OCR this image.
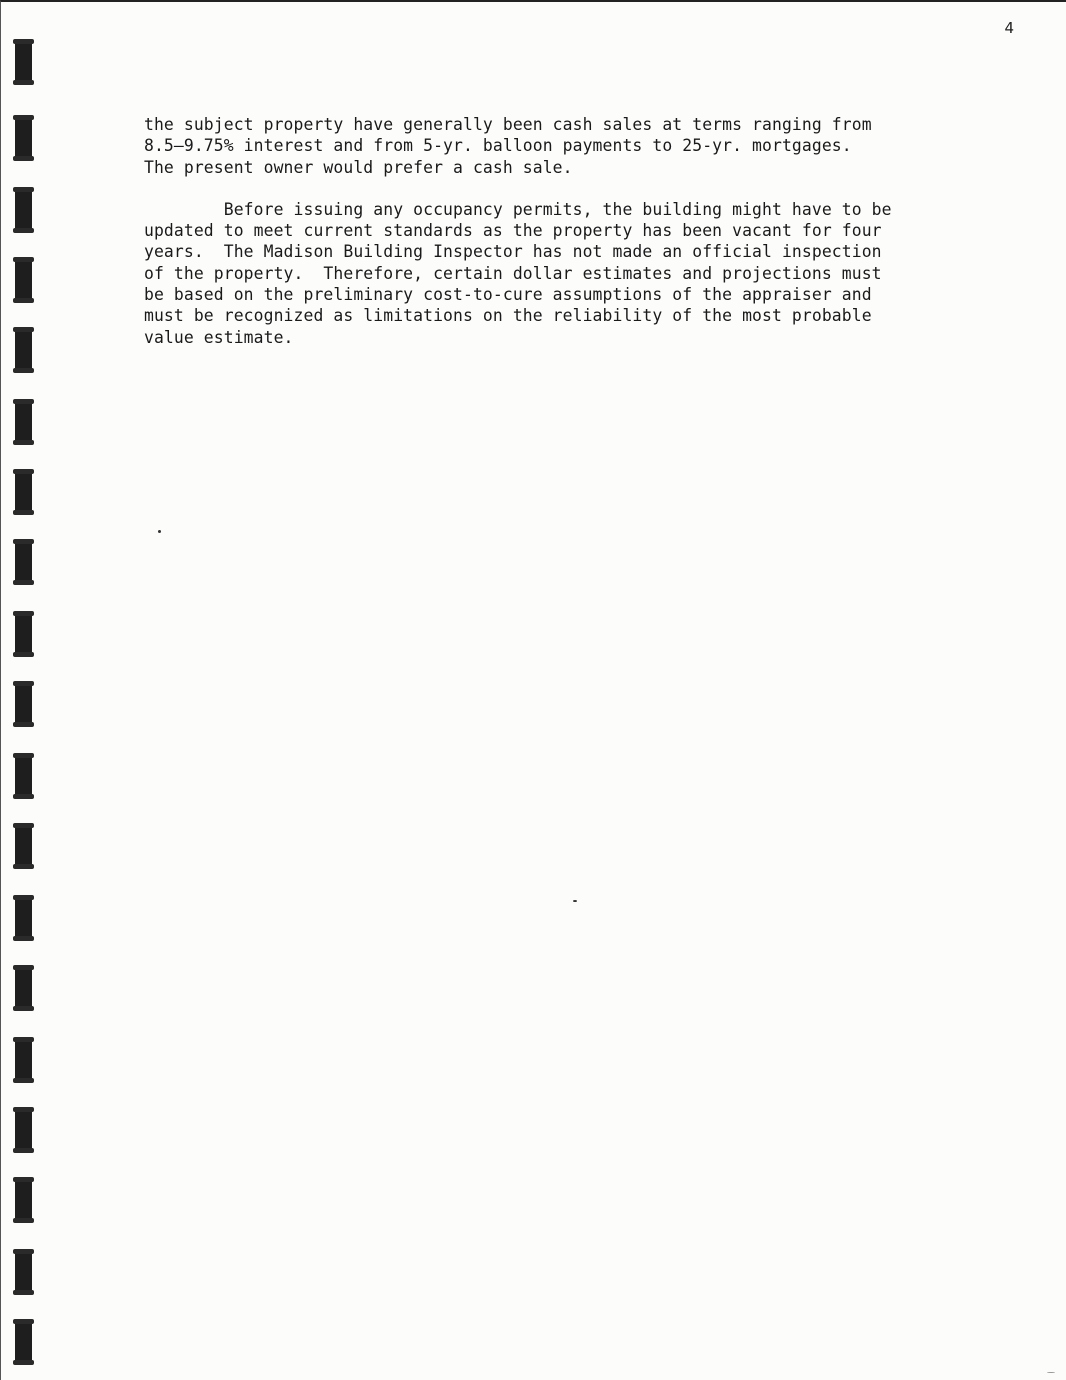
4

the subject property have generally been cash sales at terms ranging from
8.5—9.75% interest and from 5-yr. balloon payments to 25-yr. mortgages.
The present owner would prefer a cash sale.

Before issuing any occupancy permits, the building might have to be
updated to meet current standards as the property has been vacant for four
years.  The Madison Building Inspector has not made an official inspection
of the property.  Therefore, certain dollar estimates and projections must
be based on the preliminary cost-to-cure assumptions of the appraiser and
must be recognized as limitations on the reliability of the most probable
value estimate.
